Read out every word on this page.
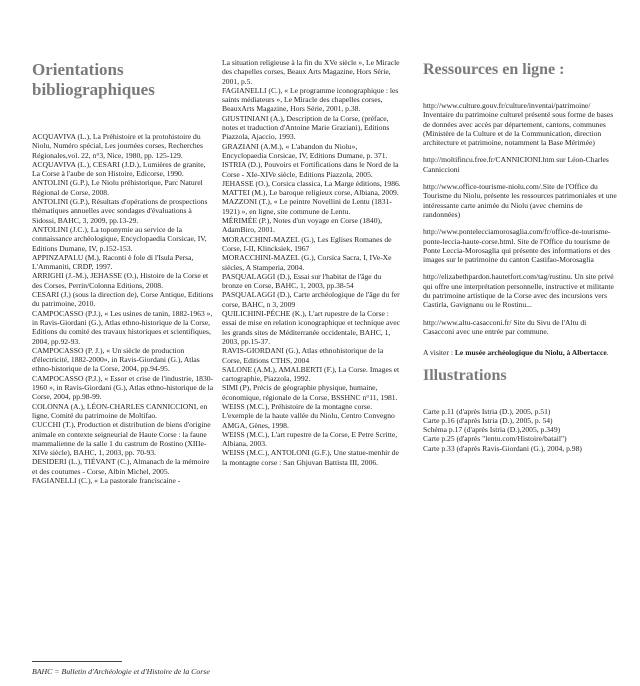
Orientations bibliographiques

ACQUAVIVA (L.), La Préhistoire et la protohistoire du Niolu, Numéro spécial, Les journées corses, Recherches Régionales,vol. 22, n°3, Nice, 1980, pp. 125-129.

ACQUAVIVA (L.), CESARI (J.D.), Lumières de granite, La Corse à l'aube de son Histoire, Edicorse, 1990.

ANTOLINI (G.P.), Le Niolu préhistorique, Parc Naturel Régional de Corse, 2008.

ANTOLINI (G.P.), Résultats d'opérations de prospections thématiques annuelles avec sondages d'évaluations à Sidossi, BAHC, 3, 2009, pp.13-29.

ANTOLINI (J.C.), La toponymie au service de la connaissance archéologique, Encyclopaedia Corsicae, IV, Editions Dumane, IV, p.152-153.

APPINZAPALU (M.), Raconti è fole di l'Isula Persa, L'Ammaniti, CRDP, 1997.

ARRIGHI (J.-M.), JEHASSE (O.), Histoire de la Corse et des Corses, Perrin/Colonna Editions, 2008.

CESARI (J.) (sous la direction de), Corse Antique, Editions du patrimoine, 2010.

CAMPOCASSO (P.J.), « Les usines de tanin, 1882-1963 », in Ravis-Giordani (G.), Atlas ethno-historique de la Corse, Editions du comité des travaux historiques et scientifiques, 2004, pp.92-93.

CAMPOCASSO (P. J.), « Un siècle de production d'électricité, 1882-2000», in Ravis-Giordani (G.), Atlas ethno-historique de la Corse, 2004, pp.94-95.

CAMPOCASSO (P.J.), « Essor et crise de l'industrie, 1830-1960 », in Ravis-Giordani (G.), Atlas ethno-historique de la Corse, 2004, pp.98-99.

COLONNA (A.), LÉON-CHARLES CANNICCIONI, en ligne, Comité du patrimoine de Moltifao.

CUCCHI (T.), Production et distribution de biens d'origine animale en contexte seigneurial de Haute Corse : la faune mammalienne de la salle 1 du castrum de Rostino (XIIIe-XIVe siècle), BAHC, 1, 2003, pp. 70-93.

DESIDERI (L.), TIÉVANT (C.), Almanach de la mémoire et des coutumes - Corse, Albin Michel, 2005.

FAGIANELLI (C.), « La pastorale franciscaine -

La situation religieuse à la fin du XVe siècle », Le Miracle des chapelles corses, Beaux Arts Magazine, Hors Série, 2001, p.5.

FAGIANELLI (C.), « Le programme iconographique : les saints médiateurs », Le Miracle des chapelles corses, BeauxArts Magazine, Hors Série, 2001, p.38.

GIUSTINIANI (A.), Description de la Corse, (préface, notes et traduction d'Antoine Marie Graziani), Editions Piazzola, Ajaccio, 1993.

GRAZIANI (A.M.), « L'abandon du Niolu», Encyclopaedia Corsicae, IV, Editions Dumane, p. 371.

ISTRIA (D.), Pouvoirs et Fortifications dans le Nord de la Corse - XIe-XIVe siècle, Editions Piazzola, 2005.

JEHASSE (O.), Corsica classica, La Marge éditions, 1986.

MATTEI (M.), Le baroque religieux corse, Albiana, 2009.

MAZZONI (T.), « Le peintre Novellini de Lentu (1831-1921) », en ligne, site commune de Lentu.

MÉRIMÉE (P.), Notes d'un voyage en Corse (1840), AdamBiro, 2001.

MORACCHINI-MAZEL (G.), Les Eglises Romanes de Corse, I-II, Klincksiek, 1967

MORACCHINI-MAZEL (G.), Corsica Sacra, I, IVe-Xe siècles, A Stamperia, 2004.

PASQUALAGGI (D.), Essai sur l'habitat de l'âge du bronze en Corse, BAHC, 1, 2003, pp.38-54

PASQUALAGGI (D.), Carte archéologique de l'âge du fer corse, BAHC, n 3, 2009

QUILICHINI-PÉCHE (K.), L'art rupestre de la Corse : essai de mise en relation iconographique et technique avec les grands sites de Méditerranée occidentale, BAHC, 1, 2003, pp.15-37.

RAVIS-GIORDANI (G.), Atlas ethnohistorique de la Corse, Editions CTHS, 2004

SALONE (A.M.), AMALBERTI (F.), La Corse. Images et cartographie, Piazzola, 1992.

SIMI (P), Précis de géographie physique, humaine, économique, régionale de la Corse, BSSHNC n°11, 1981.

WEISS (M.C.), Préhistoire de la montagne corse. L'exemple de la haute vallée du Niolu, Centro Convegno AMGA, Gènes, 1998.

WEISS (M.C.), L'art rupestre de la Corse, E Petre Scritte, Albiana, 2003.

WEISS (M.C.), ANTOLONI (G.F.), Une statue-menhir de la montagne corse : San Ghjuvan Battista III, 2006.

Ressources en ligne :

http://www.culture.gouv.fr/culture/inventai/patrimoine/ Inventaire du patrimoine culturel présenté sous forme de bases de données avec accès par département, cantons, communes (Ministère de la Culture et de la Communication, direction architecture et patrimoine, notamment la Base Mérimée)

http://moltifincu.free.fr/CANNICIONI.htm sur Léon-Charles Canniccioni

http://www.office-tourisme-niolu.com/.Site de l'Office du Tourisme du Niolu, présente les ressources patrimoniales et une intéressante carte animée du Niolu (avec chemins de randonnées)

http://www.pontelecciamorosaglia.com/fr/office-de-tourisme-ponte-leccia-haute-corse.html. Site de l'Office du tourisme de Ponte Leccia-Morosaglia qui présente des informations et des images sur le patrimoine du canton Castifao-Morosaglia

http://elizabethpardon.hautetfort.com/tag/rustinu. Un site privé qui offre une interprétation personnelle, instructive et militante du patrimoine artistique de la Corse avec des incursions vers Castirla, Gavignanu ou le Rostinu...

http://www.altu-casacconi.fr/ Site du Sivu de l'Altu di Casacconi avec une entrée par commune.

A visiter : Le musée archéologique du Niolu, à Albertacce.
Illustrations

Carte p.11 (d'après Istria (D.), 2005, p.51)

Carte p.16 (d'après Istria (D.), 2005, p. 54)

Schéma p.17 (d'après Istria (D.),2005, p.349)

Carte p.25 (d'après "lentu.com/Histoire/batail")

Carte p.33 (d'après Ravis-Giordani (G.), 2004, p.98)

BAHC = Bulletin d'Archéologie et d'Histoire de la Corse
